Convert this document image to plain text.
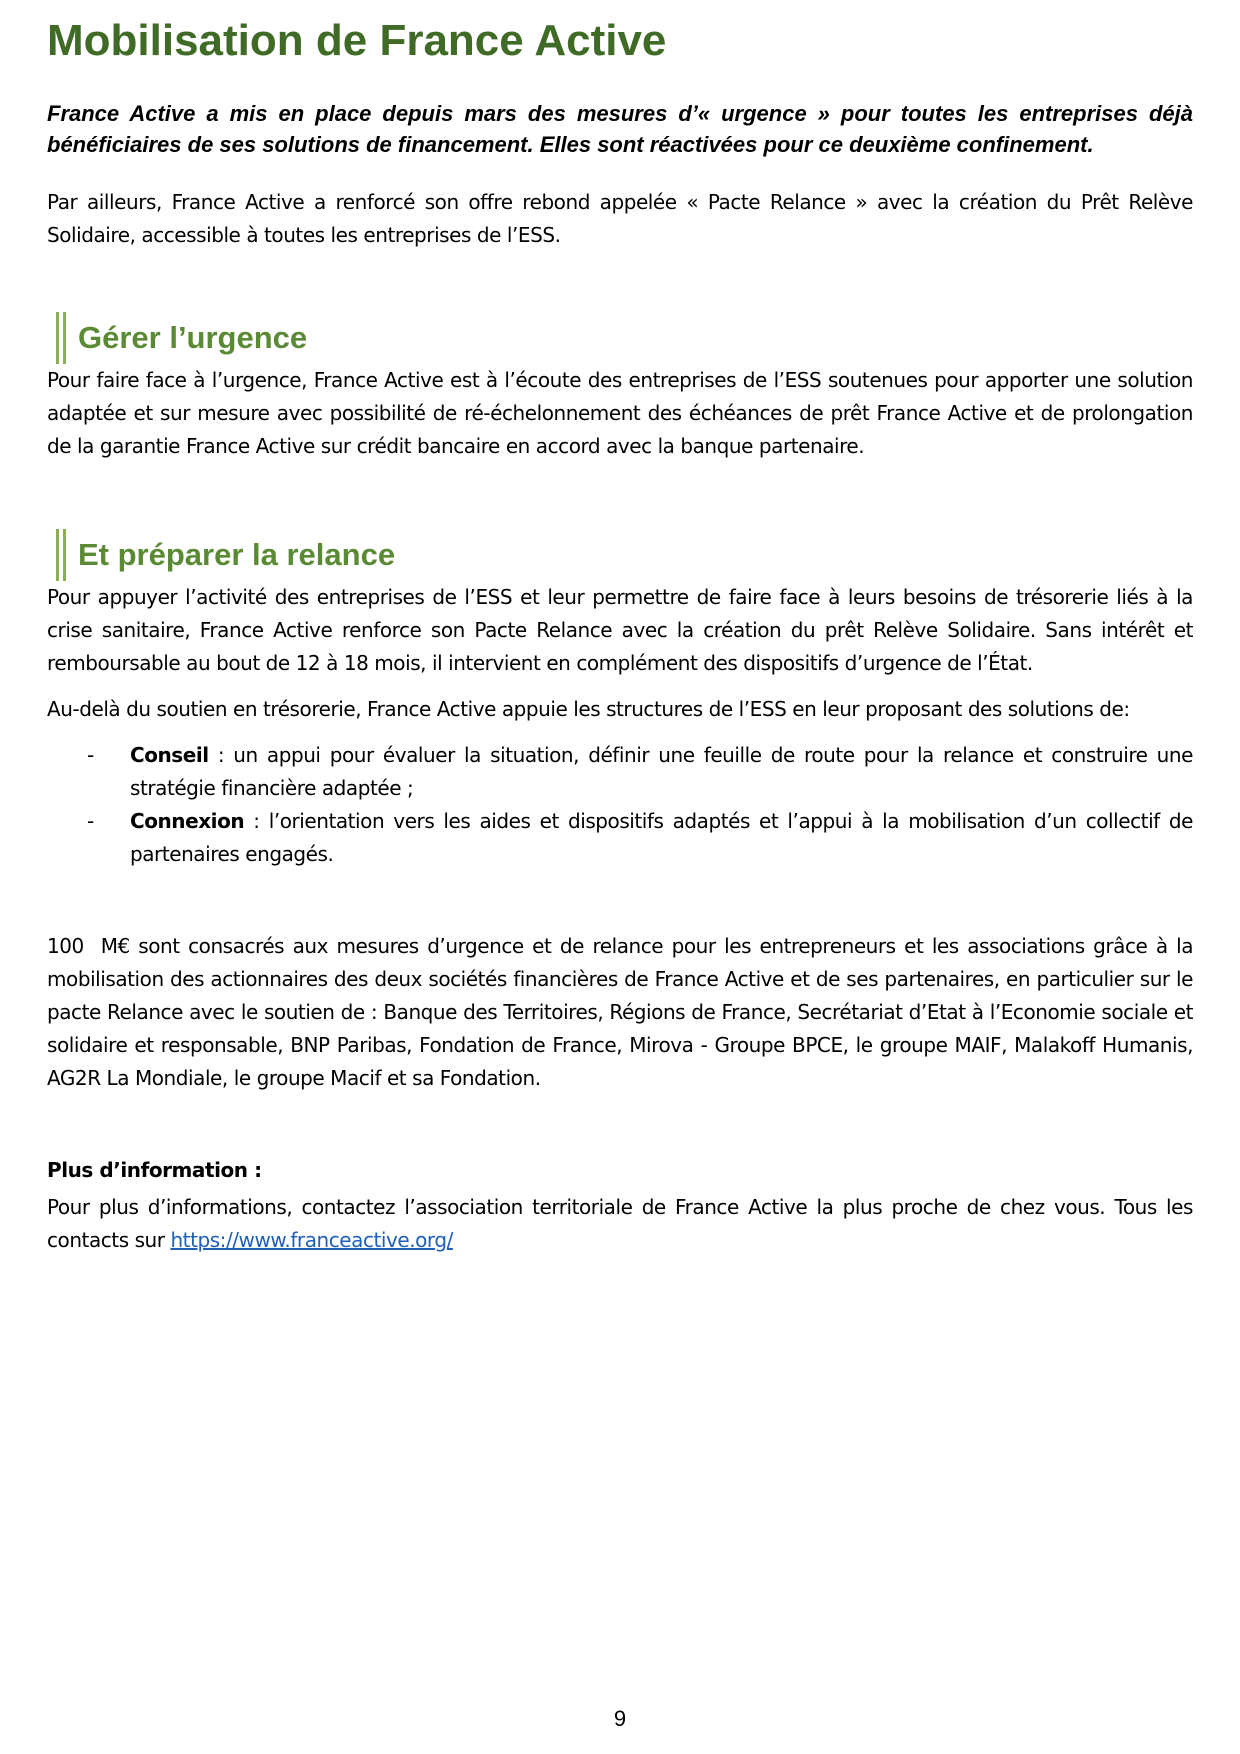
Mobilisation de France Active

France Active a mis en place depuis mars des mesures d’« urgence » pour toutes les entreprises déjà bénéficiaires de ses solutions de financement. Elles sont réactivées pour ce deuxième confinement.

Par ailleurs, France Active a renforcé son offre rebond appelée « Pacte Relance » avec la création du Prêt Relève Solidaire, accessible à toutes les entreprises de l’ESS.

Gérer l’urgence

Pour faire face à l’urgence, France Active est à l’écoute des entreprises de l’ESS soutenues pour apporter une solution adaptée et sur mesure avec possibilité de ré-échelonnement des échéances de prêt France Active et de prolongation de la garantie France Active sur crédit bancaire en accord avec la banque partenaire.

Et préparer la relance

Pour appuyer l’activité des entreprises de l’ESS et leur permettre de faire face à leurs besoins de trésorerie liés à la crise sanitaire, France Active renforce son Pacte Relance avec la création du prêt Relève Solidaire. Sans intérêt et remboursable au bout de 12 à 18 mois, il intervient en complément des dispositifs d’urgence de l’État.

Au-delà du soutien en trésorerie, France Active appuie les structures de l’ESS en leur proposant des solutions de:

-	Conseil : un appui pour évaluer la situation, définir une feuille de route pour la relance et construire une stratégie financière adaptée ;
-	Connexion : l’orientation vers les aides et dispositifs adaptés et l’appui à la mobilisation d’un collectif de partenaires engagés.

100  M€ sont consacrés aux mesures d’urgence et de relance pour les entrepreneurs et les associations grâce à la mobilisation des actionnaires des deux sociétés financières de France Active et de ses partenaires, en particulier sur le pacte Relance avec le soutien de : Banque des Territoires, Régions de France, Secrétariat d’Etat à l’Economie sociale et solidaire et responsable, BNP Paribas, Fondation de France, Mirova - Groupe BPCE, le groupe MAIF, Malakoff Humanis, AG2R La Mondiale, le groupe Macif et sa Fondation.

Plus d’information :

Pour plus d’informations, contactez l’association territoriale de France Active la plus proche de chez vous. Tous les contacts sur https://www.franceactive.org/

9
